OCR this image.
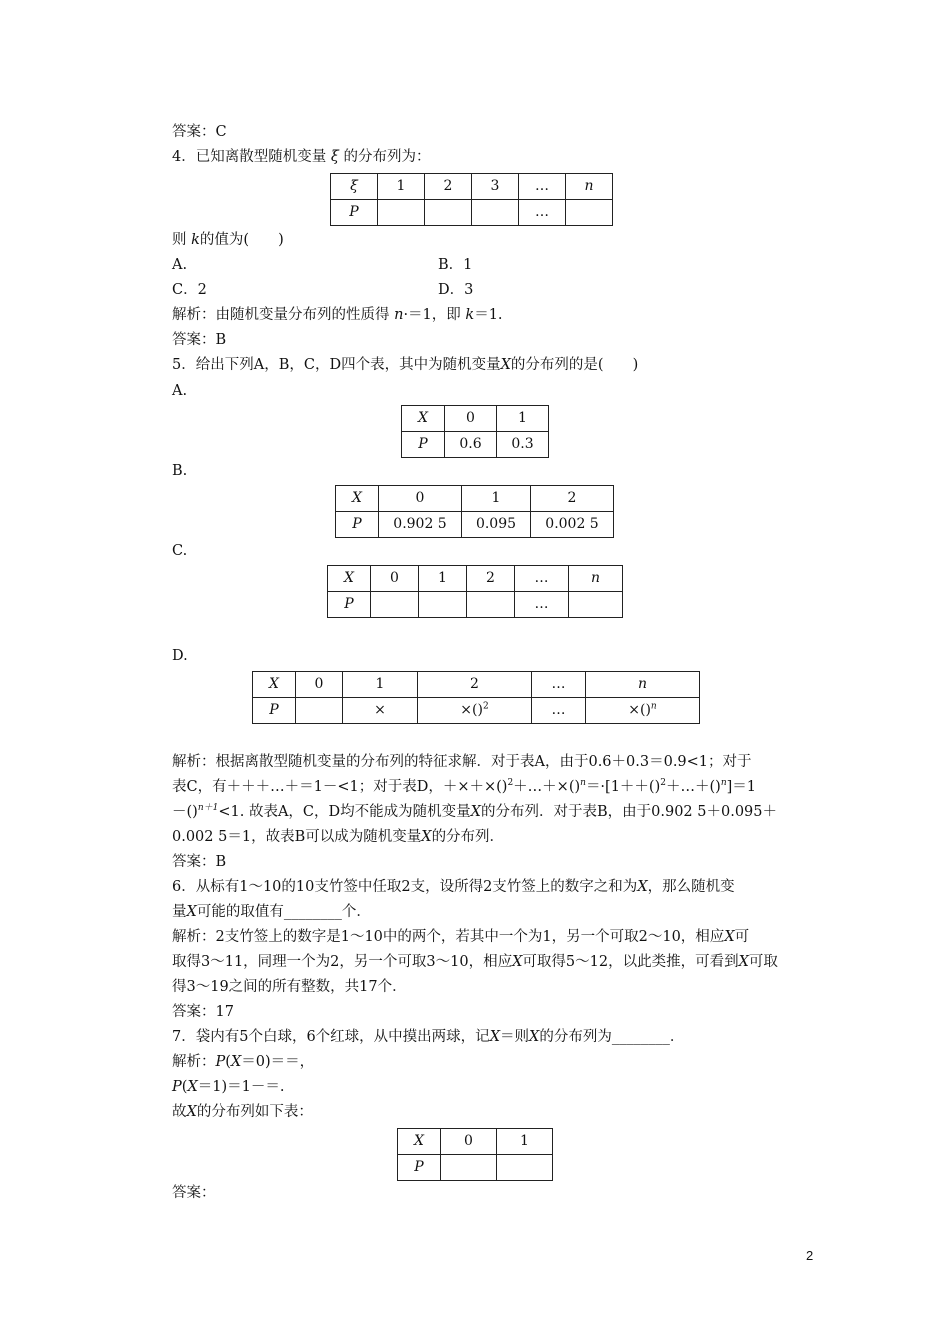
答案：C
4．已知离散型随机变量 ξ 的分布列为：
ξ	1	2	3	…	n
P				…	
则 k的值为(　　)
A.	B．1
C．2	D．3
解析：由随机变量分布列的性质得 n·＝1，即 k＝1.
答案：B
5．给出下列A，B，C，D四个表，其中为随机变量X的分布列的是(　　)
A.
X	0	1
P	0.6	0.3
B.
X	0	1	2
P	0.902 5	0.095	0.002 5
C.
X	0	1	2	…	n
P				…	
D.
X	0	1	2	…	n
P		×	×()$^2$	…	×()$^n$
解析：根据离散型随机变量的分布列的特征求解．对于表A，由于0.6＋0.3＝0.9<1；对于
表C，有＋＋＋…＋＝1－<1；对于表D，＋×＋×()$^2$＋…＋×()$^n$＝·[1＋＋()$^2$＋…＋()$^n$]＝1
－()$^{n+1}$<1. 故表A，C，D均不能成为随机变量X的分布列．对于表B，由于0.902 5＋0.095＋
0.002 5＝1，故表B可以成为随机变量X的分布列．
答案：B
6．从标有1～10的10支竹签中任取2支，设所得2支竹签上的数字之和为X，那么随机变
量X可能的取值有________个．
解析：2支竹签上的数字是1～10中的两个，若其中一个为1，另一个可取2～10，相应X可
取得3～11，同理一个为2，另一个可取3～10，相应X可取得5～12，以此类推，可看到X可取
得3～19之间的所有整数，共17个．
答案：17
7．袋内有5个白球，6个红球，从中摸出两球，记X＝则X的分布列为________．
解析：P(X＝0)＝＝，
P(X＝1)＝1－＝.
故X的分布列如下表：
X	0	1
P		
答案：
2
